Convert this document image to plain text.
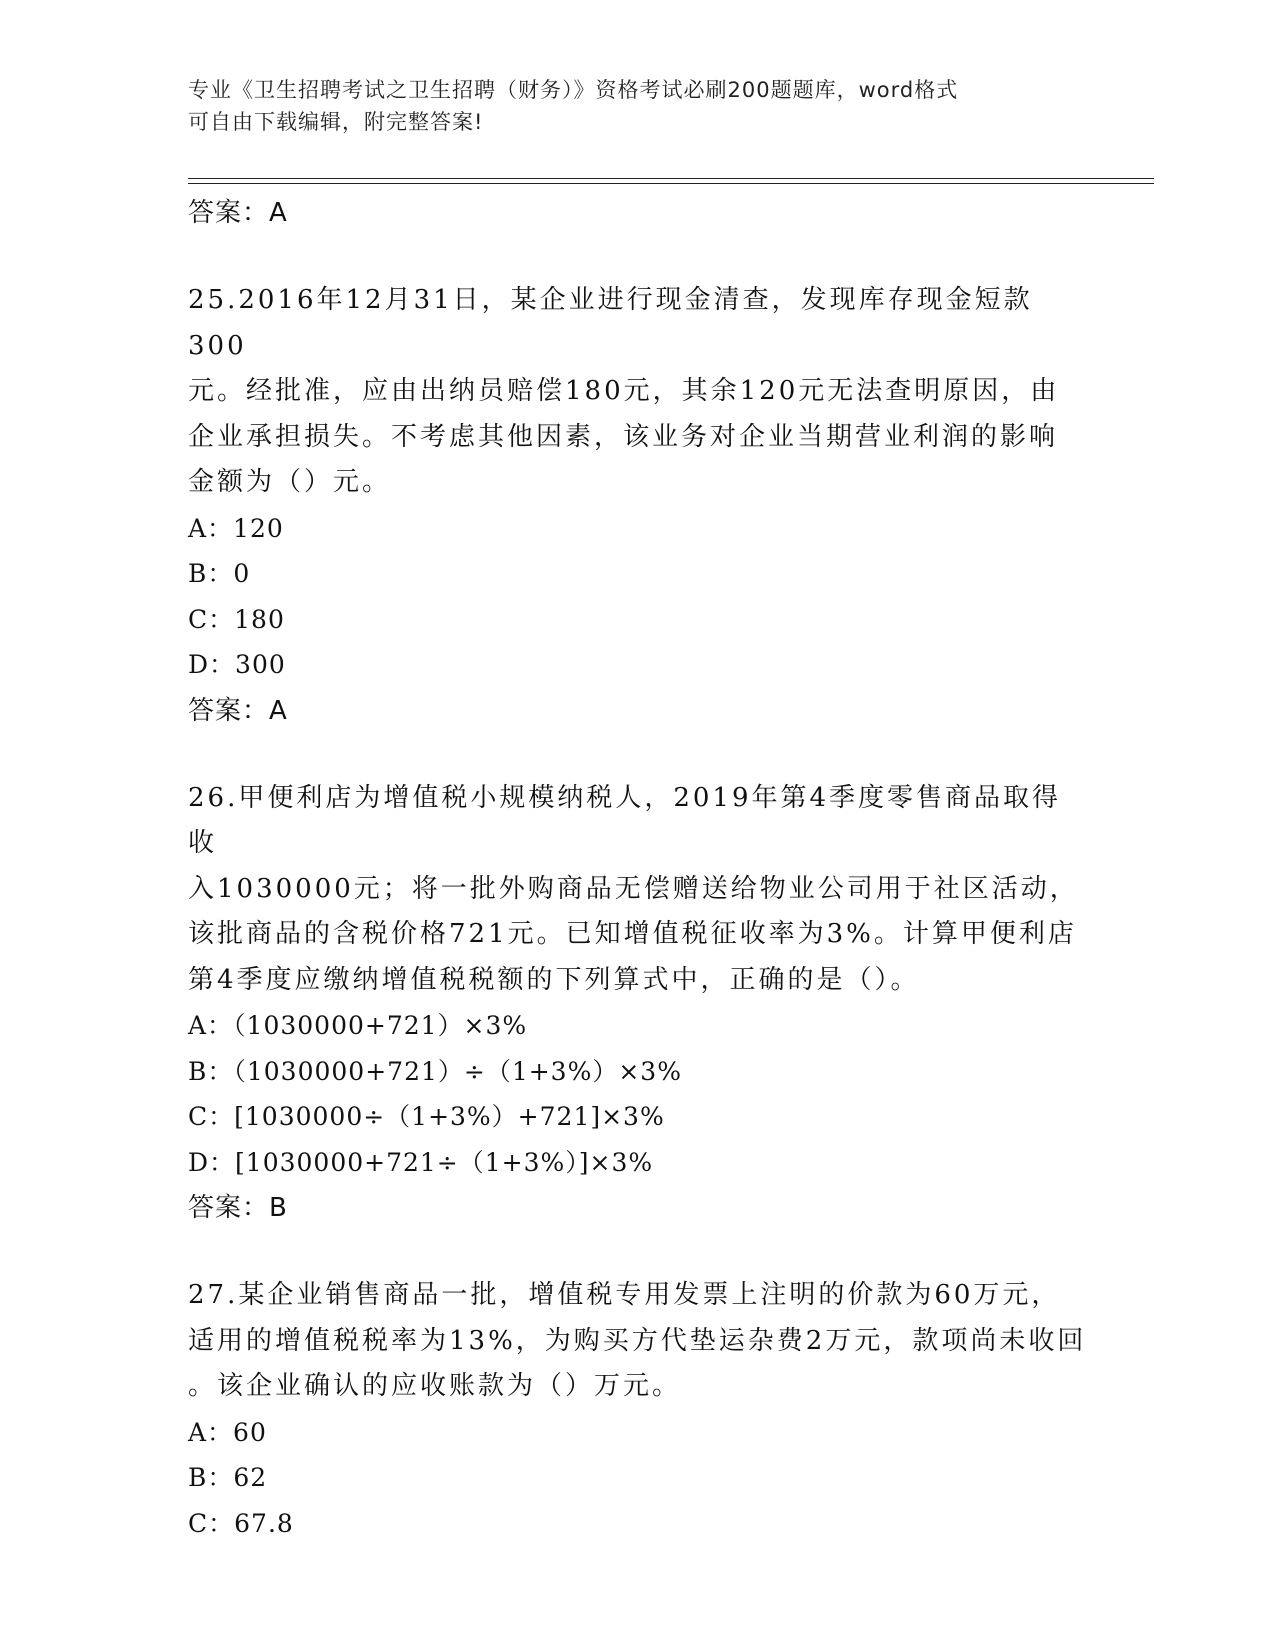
专业《卫生招聘考试之卫生招聘（财务）》资格考试必刷200题题库，word格式
可自由下载编辑，附完整答案!
答案：A
25.2016年12月31日，某企业进行现金清查，发现库存现金短款300
元。经批准，应由出纳员赔偿180元，其余120元无法查明原因，由
企业承担损失。不考虑其他因素，该业务对企业当期营业利润的影响
金额为（）元。
A：120
B：0
C：180
D：300
答案：A
26.甲便利店为增值税小规模纳税人，2019年第4季度零售商品取得收
入1030000元；将一批外购商品无偿赠送给物业公司用于社区活动，
该批商品的含税价格721元。已知增值税征收率为3%。计算甲便利店
第4季度应缴纳增值税税额的下列算式中，正确的是（）。
A：（1030000+721）×3%
B：（1030000+721）÷（1+3%）×3%
C：[1030000÷（1+3%）+721]×3%
D：[1030000+721÷（1+3%）]×3%
答案：B
27.某企业销售商品一批，增值税专用发票上注明的价款为60万元，
适用的增值税税率为13%，为购买方代垫运杂费2万元，款项尚未收回
。该企业确认的应收账款为（）万元。
A：60
B：62
C：67.8
